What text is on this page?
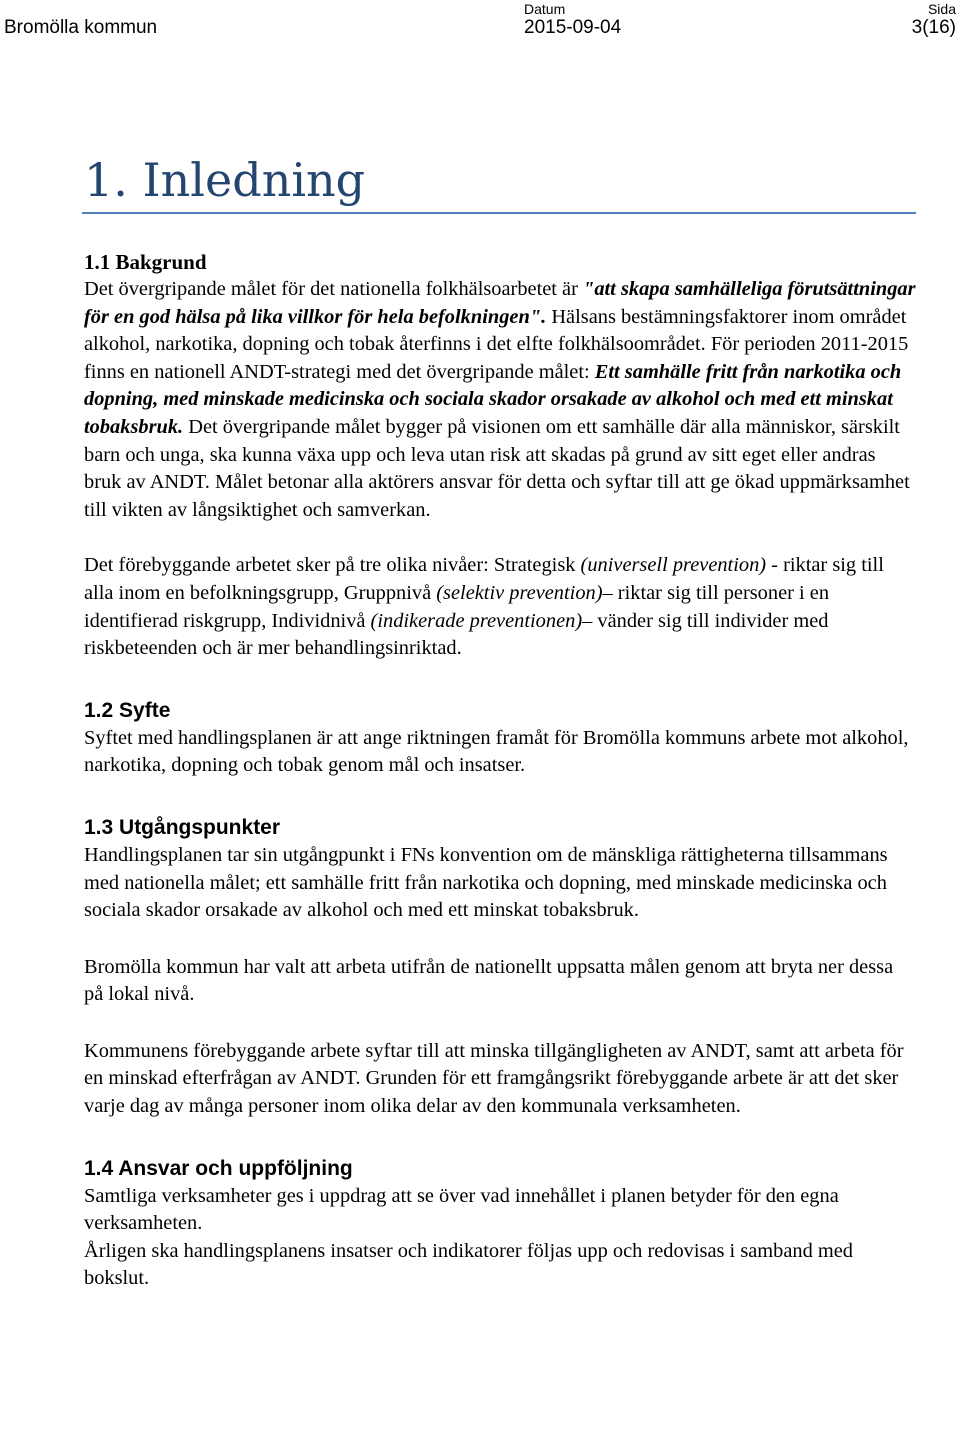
Bromölla kommun
Datum
2015-09-04
Sida
3(16)
1. Inledning
1.1 Bakgrund

Det övergripande målet för det nationella folkhälsoarbetet är "att skapa samhälleliga förutsättningar för en god hälsa på lika villkor för hela befolkningen". Hälsans bestämningsfaktorer inom området alkohol, narkotika, dopning och tobak återfinns i det elfte folkhälsoområdet. För perioden 2011-2015 finns en nationell ANDT-strategi med det övergripande målet: Ett samhälle fritt från narkotika och dopning, med minskade medicinska och sociala skador orsakade av alkohol och med ett minskat tobaksbruk. Det övergripande målet bygger på visionen om ett samhälle där alla människor, särskilt barn och unga, ska kunna växa upp och leva utan risk att skadas på grund av sitt eget eller andras bruk av ANDT. Målet betonar alla aktörers ansvar för detta och syftar till att ge ökad uppmärksamhet till vikten av långsiktighet och samverkan.

Det förebyggande arbetet sker på tre olika nivåer: Strategisk (universell prevention) - riktar sig till alla inom en befolkningsgrupp, Gruppnivå (selektiv prevention)– riktar sig till personer i en identifierad riskgrupp, Individnivå (indikerade preventionen)– vänder sig till individer med riskbeteenden och är mer behandlingsinriktad.

1.2 Syfte

Syftet med handlingsplanen är att ange riktningen framåt för Bromölla kommuns arbete mot alkohol, narkotika, dopning och tobak genom mål och insatser.

1.3 Utgångspunkter

Handlingsplanen tar sin utgångpunkt i FNs konvention om de mänskliga rättigheterna tillsammans med nationella målet; ett samhälle fritt från narkotika och dopning, med minskade medicinska och sociala skador orsakade av alkohol och med ett minskat tobaksbruk.

Bromölla kommun har valt att arbeta utifrån de nationellt uppsatta målen genom att bryta ner dessa på lokal nivå.

Kommunens förebyggande arbete syftar till att minska tillgängligheten av ANDT, samt att arbeta för en minskad efterfrågan av ANDT. Grunden för ett framgångsrikt förebyggande arbete är att det sker varje dag av många personer inom olika delar av den kommunala verksamheten.

1.4 Ansvar och uppföljning

Samtliga verksamheter ges i uppdrag att se över vad innehållet i planen betyder för den egna verksamheten.

Årligen ska handlingsplanens insatser och indikatorer följas upp och redovisas i samband med bokslut.
